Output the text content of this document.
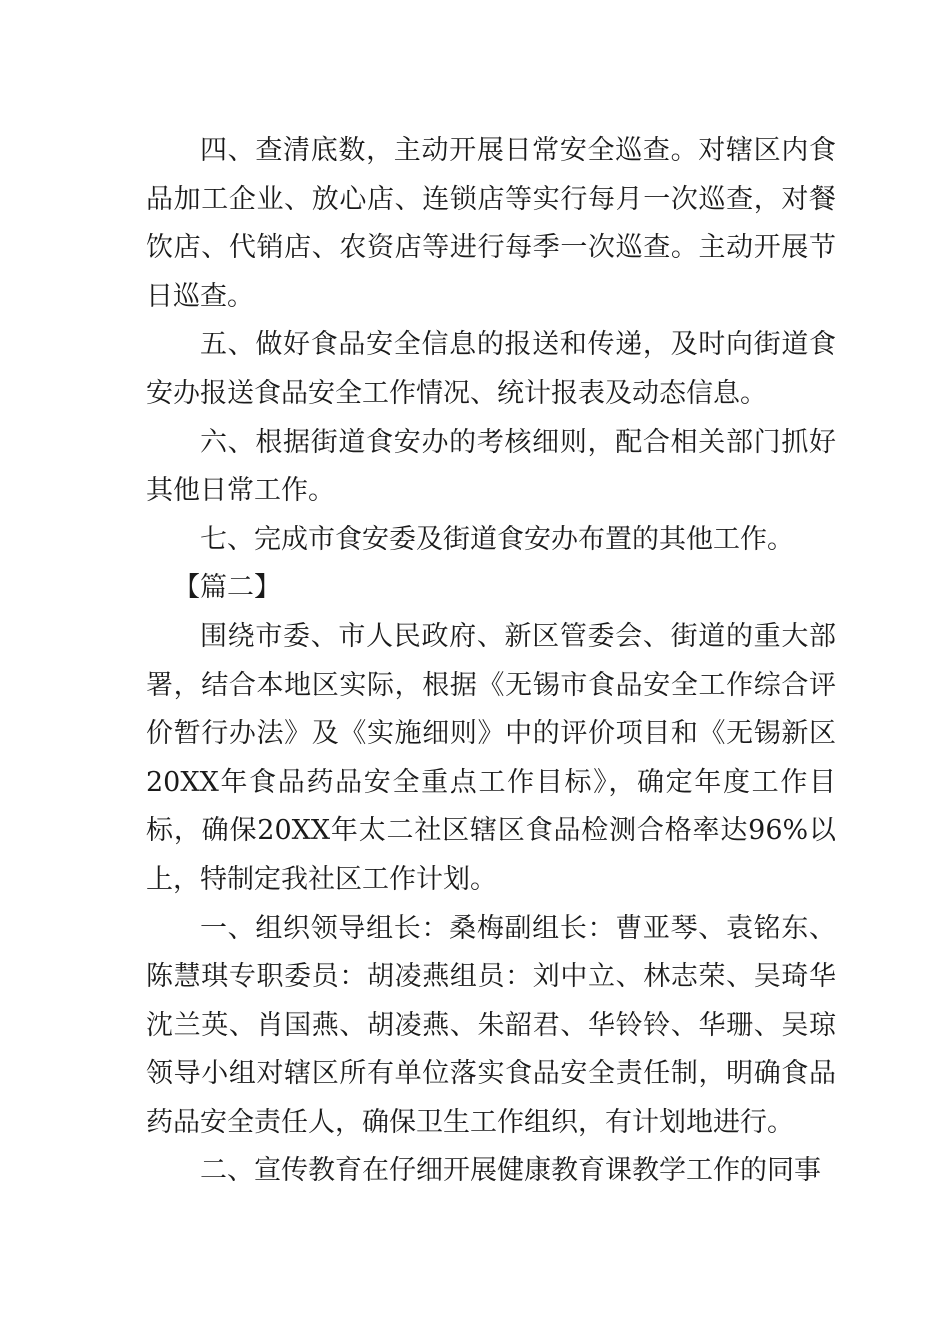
四、查清底数，主动开展日常安全巡查。对辖区内食品加工企业、放心店、连锁店等实行每月一次巡查，对餐饮店、代销店、农资店等进行每季一次巡查。主动开展节日巡查。

五、做好食品安全信息的报送和传递，及时向街道食安办报送食品安全工作情况、统计报表及动态信息。

六、根据街道食安办的考核细则，配合相关部门抓好其他日常工作。

七、完成市食安委及街道食安办布置的其他工作。

【篇二】

围绕市委、市人民政府、新区管委会、街道的重大部署，结合本地区实际，根据《无锡市食品安全工作综合评价暂行办法》及《实施细则》中的评价项目和《无锡新区20XX年食品药品安全重点工作目标》，确定年度工作目标，确保20XX年太二社区辖区食品检测合格率达96%以上，特制定我社区工作计划。

一、组织领导组长：桑梅副组长：曹亚琴、袁铭东、陈慧琪专职委员：胡凌燕组员：刘中立、林志荣、吴琦华沈兰英、肖国燕、胡凌燕、朱韶君、华铃铃、华珊、吴琼领导小组对辖区所有单位落实食品安全责任制，明确食品药品安全责任人，确保卫生工作组织，有计划地进行。

二、宣传教育在仔细开展健康教育课教学工作的同事
